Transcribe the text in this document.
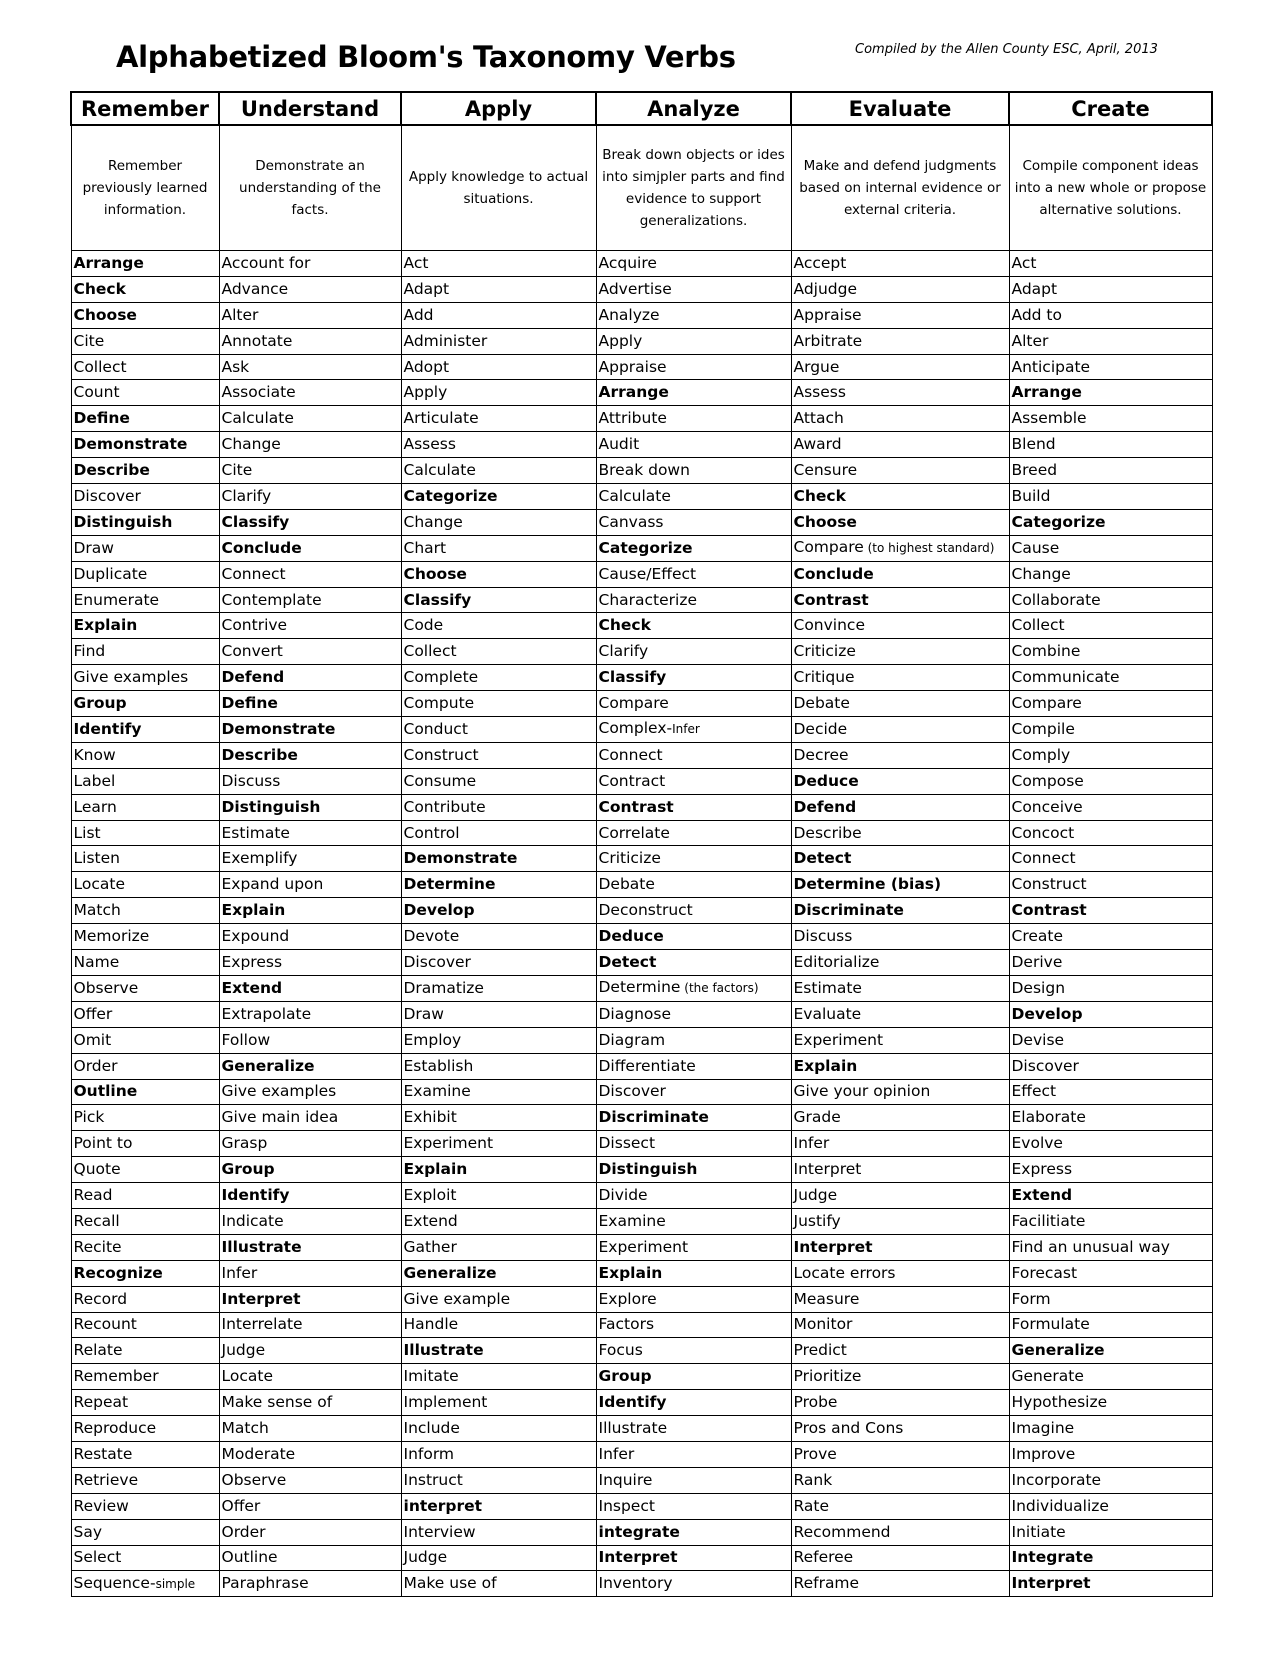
Alphabetized Bloom's Taxonomy Verbs	Compiled by the Allen County ESC, April, 2013
Remember	Understand	Apply	Analyze	Evaluate	Create
Remember previously learned information.	Demonstrate an understanding of the facts.	Apply knowledge to actual situations.	Break down objects or ides into simjpler parts and find evidence to support generalizations.	Make and defend judgments based on internal evidence or external criteria.	Compile component ideas into a new whole or propose alternative solutions.
Arrange	Account for	Act	Acquire	Accept	Act
Check	Advance	Adapt	Advertise	Adjudge	Adapt
Choose	Alter	Add	Analyze	Appraise	Add to
Cite	Annotate	Administer	Apply	Arbitrate	Alter
Collect	Ask	Adopt	Appraise	Argue	Anticipate
Count	Associate	Apply	Arrange	Assess	Arrange
Define	Calculate	Articulate	Attribute	Attach	Assemble
Demonstrate	Change	Assess	Audit	Award	Blend
Describe	Cite	Calculate	Break down	Censure	Breed
Discover	Clarify	Categorize	Calculate	Check	Build
Distinguish	Classify	Change	Canvass	Choose	Categorize
Draw	Conclude	Chart	Categorize	Compare (to highest standard)	Cause
Duplicate	Connect	Choose	Cause/Effect	Conclude	Change
Enumerate	Contemplate	Classify	Characterize	Contrast	Collaborate
Explain	Contrive	Code	Check	Convince	Collect
Find	Convert	Collect	Clarify	Criticize	Combine
Give examples	Defend	Complete	Classify	Critique	Communicate
Group	Define	Compute	Compare	Debate	Compare
Identify	Demonstrate	Conduct	Complex-Infer	Decide	Compile
Know	Describe	Construct	Connect	Decree	Comply
Label	Discuss	Consume	Contract	Deduce	Compose
Learn	Distinguish	Contribute	Contrast	Defend	Conceive
List	Estimate	Control	Correlate	Describe	Concoct
Listen	Exemplify	Demonstrate	Criticize	Detect	Connect
Locate	Expand upon	Determine	Debate	Determine (bias)	Construct
Match	Explain	Develop	Deconstruct	Discriminate	Contrast
Memorize	Expound	Devote	Deduce	Discuss	Create
Name	Express	Discover	Detect	Editorialize	Derive
Observe	Extend	Dramatize	Determine (the factors)	Estimate	Design
Offer	Extrapolate	Draw	Diagnose	Evaluate	Develop
Omit	Follow	Employ	Diagram	Experiment	Devise
Order	Generalize	Establish	Differentiate	Explain	Discover
Outline	Give examples	Examine	Discover	Give your opinion	Effect
Pick	Give main idea	Exhibit	Discriminate	Grade	Elaborate
Point to	Grasp	Experiment	Dissect	Infer	Evolve
Quote	Group	Explain	Distinguish	Interpret	Express
Read	Identify	Exploit	Divide	Judge	Extend
Recall	Indicate	Extend	Examine	Justify	Facilitiate
Recite	Illustrate	Gather	Experiment	Interpret	Find an unusual way
Recognize	Infer	Generalize	Explain	Locate errors	Forecast
Record	Interpret	Give example	Explore	Measure	Form
Recount	Interrelate	Handle	Factors	Monitor	Formulate
Relate	Judge	Illustrate	Focus	Predict	Generalize
Remember	Locate	Imitate	Group	Prioritize	Generate
Repeat	Make sense of	Implement	Identify	Probe	Hypothesize
Reproduce	Match	Include	Illustrate	Pros and Cons	Imagine
Restate	Moderate	Inform	Infer	Prove	Improve
Retrieve	Observe	Instruct	Inquire	Rank	Incorporate
Review	Offer	interpret	Inspect	Rate	Individualize
Say	Order	Interview	integrate	Recommend	Initiate
Select	Outline	Judge	Interpret	Referee	Integrate
Sequence-simple	Paraphrase	Make use of	Inventory	Reframe	Interpret
